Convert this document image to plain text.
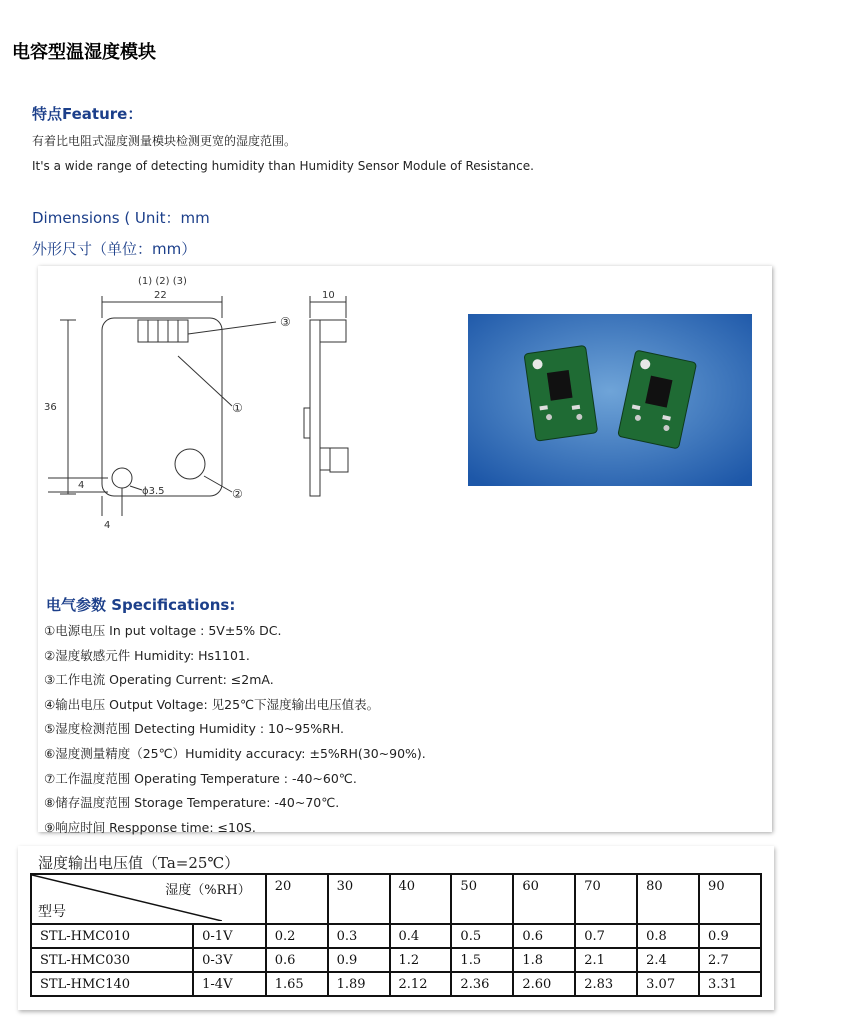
电容型温湿度模块
特点Feature：
有着比电阻式湿度测量模块检测更宽的湿度范围。
It's a wide range of detecting humidity than Humidity Sensor Module of Resistance.
Dimensions ( Unit：mm
外形尺寸（单位：mm）
(1) (2) (3)
22
36
4
4
ϕ3.5
③
①
②
10
电气参数 Specifications:
①电源电压 In put voltage : 5V±5% DC.
②湿度敏感元件 Humidity: Hs1101.
③工作电流 Operating Current: ≤2mA.
④输出电压 Output Voltage: 见25℃下湿度输出电压值表。
⑤湿度检测范围 Detecting Humidity : 10~95%RH.
⑥湿度测量精度（25℃）Humidity accuracy: ±5%RH(30~90%).
⑦工作温度范围 Operating Temperature : -40~60℃.
⑧储存温度范围 Storage Temperature: -40~70℃.
⑨响应时间 Respponse time: ≤10S.
湿度输出电压值（Ta=25℃）
湿度（%RH）
型号		20	30	40	50	60	70	80	90
STL-HMC010	0-1V	0.2	0.3	0.4	0.5	0.6	0.7	0.8	0.9
STL-HMC030	0-3V	0.6	0.9	1.2	1.5	1.8	2.1	2.4	2.7
STL-HMC140	1-4V	1.65	1.89	2.12	2.36	2.60	2.83	3.07	3.31
